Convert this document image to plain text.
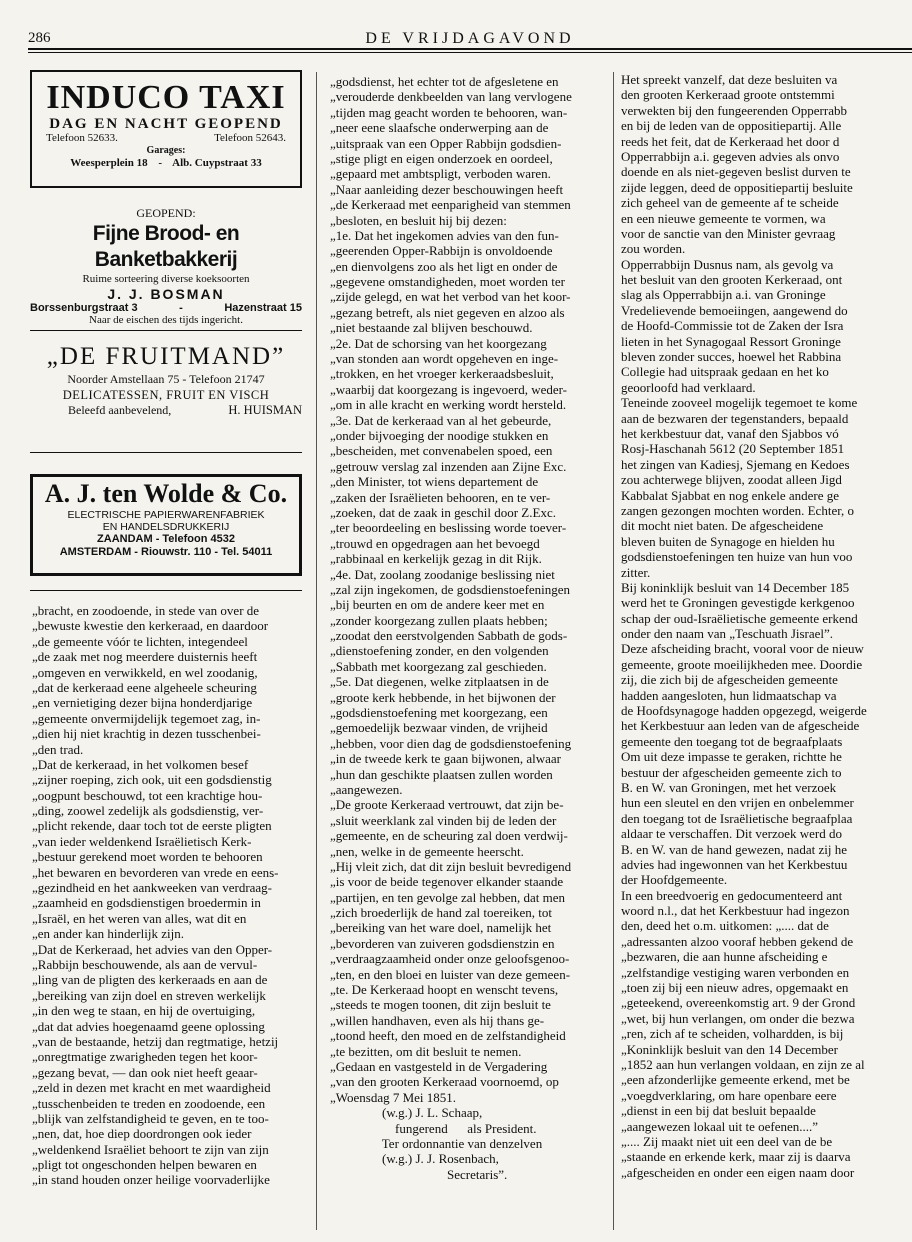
286	DE VRIJDAGAVOND
INDUCO TAXI
DAG EN NACHT GEOPEND
Telefoon 52633.	Telefoon 52643.
Garages:
Weesperplein 18 - Alb. Cuypstraat 33
GEOPEND:
Fijne Brood- en Banketbakkerij
Ruime sorteering diverse koeksoorten
J. J. BOSMAN
Borssenburgstraat 3	-	Hazenstraat 15
Naar de eischen des tijds ingericht.
„DE FRUITMAND”
Noorder Amstellaan 75 - Telefoon 21747
DELICATESSEN, FRUIT EN VISCH
Beleefd aanbevelend,	H. HUISMAN
A. J. ten Wolde & Co.
ELECTRISCHE PAPIERWARENFABRIEK
EN HANDELSDRUKKERIJ
ZAANDAM - Telefoon 4532
AMSTERDAM - Riouwstr. 110 - Tel. 54011
„bracht, en zoodoende, in stede van over de
„bewuste kwestie den kerkeraad, en daardoor
„de gemeente vóór te lichten, integendeel
„de zaak met nog meerdere duisternis heeft
„omgeven en verwikkeld, en wel zoodanig,
„dat de kerkeraad eene algeheele scheuring
„en vernietiging dezer bijna honderdjarige
„gemeente onvermijdelijk tegemoet zag, in-
„dien hij niet krachtig in dezen tusschenbei-
„den trad.
„Dat de kerkeraad, in het volkomen besef
„zijner roeping, zich ook, uit een godsdienstig
„oogpunt beschouwd, tot een krachtige hou-
„ding, zoowel zedelijk als godsdienstig, ver-
„plicht rekende, daar toch tot de eerste pligten
„van ieder weldenkend Israëlietisch Kerk-
„bestuur gerekend moet worden te behooren
„het bewaren en bevorderen van vrede en eens-
„gezindheid en het aankweeken van verdraag-
„zaamheid en godsdienstigen broedermin in
„Israël, en het weren van alles, wat dit en
„en ander kan hinderlijk zijn.
„Dat de Kerkeraad, het advies van den Opper-
„Rabbijn beschouwende, als aan de vervul-
„ling van de pligten des kerkeraads en aan de
„bereiking van zijn doel en streven werkelijk
„in den weg te staan, en hij de overtuiging,
„dat dat advies hoegenaamd geene oplossing
„van de bestaande, hetzij dan regtmatige, hetzij
„onregtmatige zwarigheden tegen het koor-
„gezang bevat, — dan ook niet heeft geaar-
„zeld in dezen met kracht en met waardigheid
„tusschenbeiden te treden en zoodoende, een
„blijk van zelfstandigheid te geven, en te too-
„nen, dat, hoe diep doordrongen ook ieder
„weldenkend Israëliet behoort te zijn van zijn
„pligt tot ongeschonden helpen bewaren en
„in stand houden onzer heilige voorvaderlijke
„godsdienst, het echter tot de afgesletene en
„verouderde denkbeelden van lang vervlogene
„tijden mag geacht worden te behooren, wan-
„neer eene slaafsche onderwerping aan de
„uitspraak van een Opper Rabbijn godsdien-
„stige pligt en eigen onderzoek en oordeel,
„gepaard met ambtspligt, verboden waren.
„Naar aanleiding dezer beschouwingen heeft
„de Kerkeraad met eenparigheid van stemmen
„besloten, en besluit hij bij dezen:
„1e. Dat het ingekomen advies van den fun-
„geerenden Opper-Rabbijn is onvoldoende
„en dienvolgens zoo als het ligt en onder de
„gegevene omstandigheden, moet worden ter
„zijde gelegd, en wat het verbod van het koor-
„gezang betreft, als niet gegeven en alzoo als
„niet bestaande zal blijven beschouwd.
„2e. Dat de schorsing van het koorgezang
„van stonden aan wordt opgeheven en inge-
„trokken, en het vroeger kerkeraadsbesluit,
„waarbij dat koorgezang is ingevoerd, weder-
„om in alle kracht en werking wordt hersteld.
„3e. Dat de kerkeraad van al het gebeurde,
„onder bijvoeging der noodige stukken en
„bescheiden, met convenabelen spoed, een
„getrouw verslag zal inzenden aan Zijne Exc.
„den Minister, tot wiens departement de
„zaken der Israëlieten behooren, en te ver-
„zoeken, dat de zaak in geschil door Z.Exc.
„ter beoordeeling en beslissing worde toever-
„trouwd en opgedragen aan het bevoegd
„rabbinaal en kerkelijk gezag in dit Rijk.
„4e. Dat, zoolang zoodanige beslissing niet
„zal zijn ingekomen, de godsdienstoefeningen
„bij beurten en om de andere keer met en
„zonder koorgezang zullen plaats hebben;
„zoodat den eerstvolgenden Sabbath de gods-
„dienstoefening zonder, en den volgenden
„Sabbath met koorgezang zal geschieden.
„5e. Dat diegenen, welke zitplaatsen in de
„groote kerk hebbende, in het bijwonen der
„godsdienstoefening met koorgezang, een
„gemoedelijk bezwaar vinden, de vrijheid
„hebben, voor dien dag de godsdienstoefening
„in de tweede kerk te gaan bijwonen, alwaar
„hun dan geschikte plaatsen zullen worden
„aangewezen.
„De groote Kerkeraad vertrouwt, dat zijn be-
„sluit weerklank zal vinden bij de leden der
„gemeente, en de scheuring zal doen verdwij-
„nen, welke in de gemeente heerscht.
„Hij vleit zich, dat dit zijn besluit bevredigend
„is voor de beide tegenover elkander staande
„partijen, en ten gevolge zal hebben, dat men
„zich broederlijk de hand zal toereiken, tot
„bereiking van het ware doel, namelijk het
„bevorderen van zuiveren godsdienstzin en
„verdraagzaamheid onder onze geloofsgenoo-
„ten, en den bloei en luister van deze gemeen-
„te. De Kerkeraad hoopt en wenscht tevens,
„steeds te mogen toonen, dit zijn besluit te
„willen handhaven, even als hij thans ge-
„toond heeft, den moed en de zelfstandigheid
„te bezitten, om dit besluit te nemen.
„Gedaan en vastgesteld in de Vergadering
„van den grooten Kerkeraad voornoemd, op
„Woensdag 7 Mei 1851.
(w.g.) J. L. Schaap,
fungerend      als President.
Ter ordonnantie van denzelven
(w.g.) J. J. Rosenbach,
Secretaris”.
Het spreekt vanzelf, dat deze besluiten va
den grooten Kerkeraad groote ontstemmi
verwekten bij den fungeerenden Opperrabb
en bij de leden van de oppositiepartij. Alle
reeds het feit, dat de Kerkeraad het door d
Opperrabbijn a.i. gegeven advies als onvo
doende en als niet-gegeven beslist durven te
zijde leggen, deed de oppositiepartij besluite
zich geheel van de gemeente af te scheide
en een nieuwe gemeente te vormen, wa
voor de sanctie van den Minister gevraag
zou worden.
Opperrabbijn Dusnus nam, als gevolg va
het besluit van den grooten Kerkeraad, ont
slag als Opperrabbijn a.i. van Groninge
Vredelievende bemoeiingen, aangewend do
de Hoofd-Commissie tot de Zaken der Isra
lieten in het Synagogaal Ressort Groninge
bleven zonder succes, hoewel het Rabbina
Collegie had uitspraak gedaan en het ko
geoorloofd had verklaard.
Teneinde zooveel mogelijk tegemoet te kome
aan de bezwaren der tegenstanders, bepaald
het kerkbestuur dat, vanaf den Sjabbos vó
Rosj-Haschanah 5612 (20 September 1851
het zingen van Kadiesj, Sjemang en Kedoes
zou achterwege blijven, zoodat alleen Jigd
Kabbalat Sjabbat en nog enkele andere ge
zangen gezongen mochten worden. Echter, o
dit mocht niet baten. De afgescheidene
bleven buiten de Synagoge en hielden hu
godsdienstoefeningen ten huize van hun voo
zitter.
Bij koninklijk besluit van 14 December 185
werd het te Groningen gevestigde kerkgenoo
schap der oud-Israëlietische gemeente erkend
onder den naam van „Teschuath Jisrael”.
Deze afscheiding bracht, vooral voor de nieuw
gemeente, groote moeilijkheden mee. Doordie
zij, die zich bij de afgescheiden gemeente
hadden aangesloten, hun lidmaatschap va
de Hoofdsynagoge hadden opgezegd, weigerde
het Kerkbestuur aan leden van de afgescheide
gemeente den toegang tot de begraafplaats
Om uit deze impasse te geraken, richtte he
bestuur der afgescheiden gemeente zich to
B. en W. van Groningen, met het verzoek
hun een sleutel en den vrijen en onbelemmer
den toegang tot de Israëlietische begraafplaa
aldaar te verschaffen. Dit verzoek werd do
B. en W. van de hand gewezen, nadat zij he
advies had ingewonnen van het Kerkbestuu
der Hoofdgemeente.
In een breedvoerig en gedocumenteerd ant
woord n.l., dat het Kerkbestuur had ingezon
den, deed het o.m. uitkomen: „.... dat de
„adressanten alzoo vooraf hebben gekend de
„bezwaren, die aan hunne afscheiding e
„zelfstandige vestiging waren verbonden en
„toen zij bij een nieuw adres, opgemaakt en
„geteekend, overeenkomstig art. 9 der Grond
„wet, bij hun verlangen, om onder die bezwa
„ren, zich af te scheiden, volhardden, is bij
„Koninklijk besluit van den 14 December
„1852 aan hun verlangen voldaan, en zijn ze al
„een afzonderlijke gemeente erkend, met be
„voegdverklaring, om hare openbare eere
„dienst in een bij dat besluit bepaalde
„aangewezen lokaal uit te oefenen....”
„.... Zij maakt niet uit een deel van de be
„staande en erkende kerk, maar zij is daarva
„afgescheiden en onder een eigen naam door
